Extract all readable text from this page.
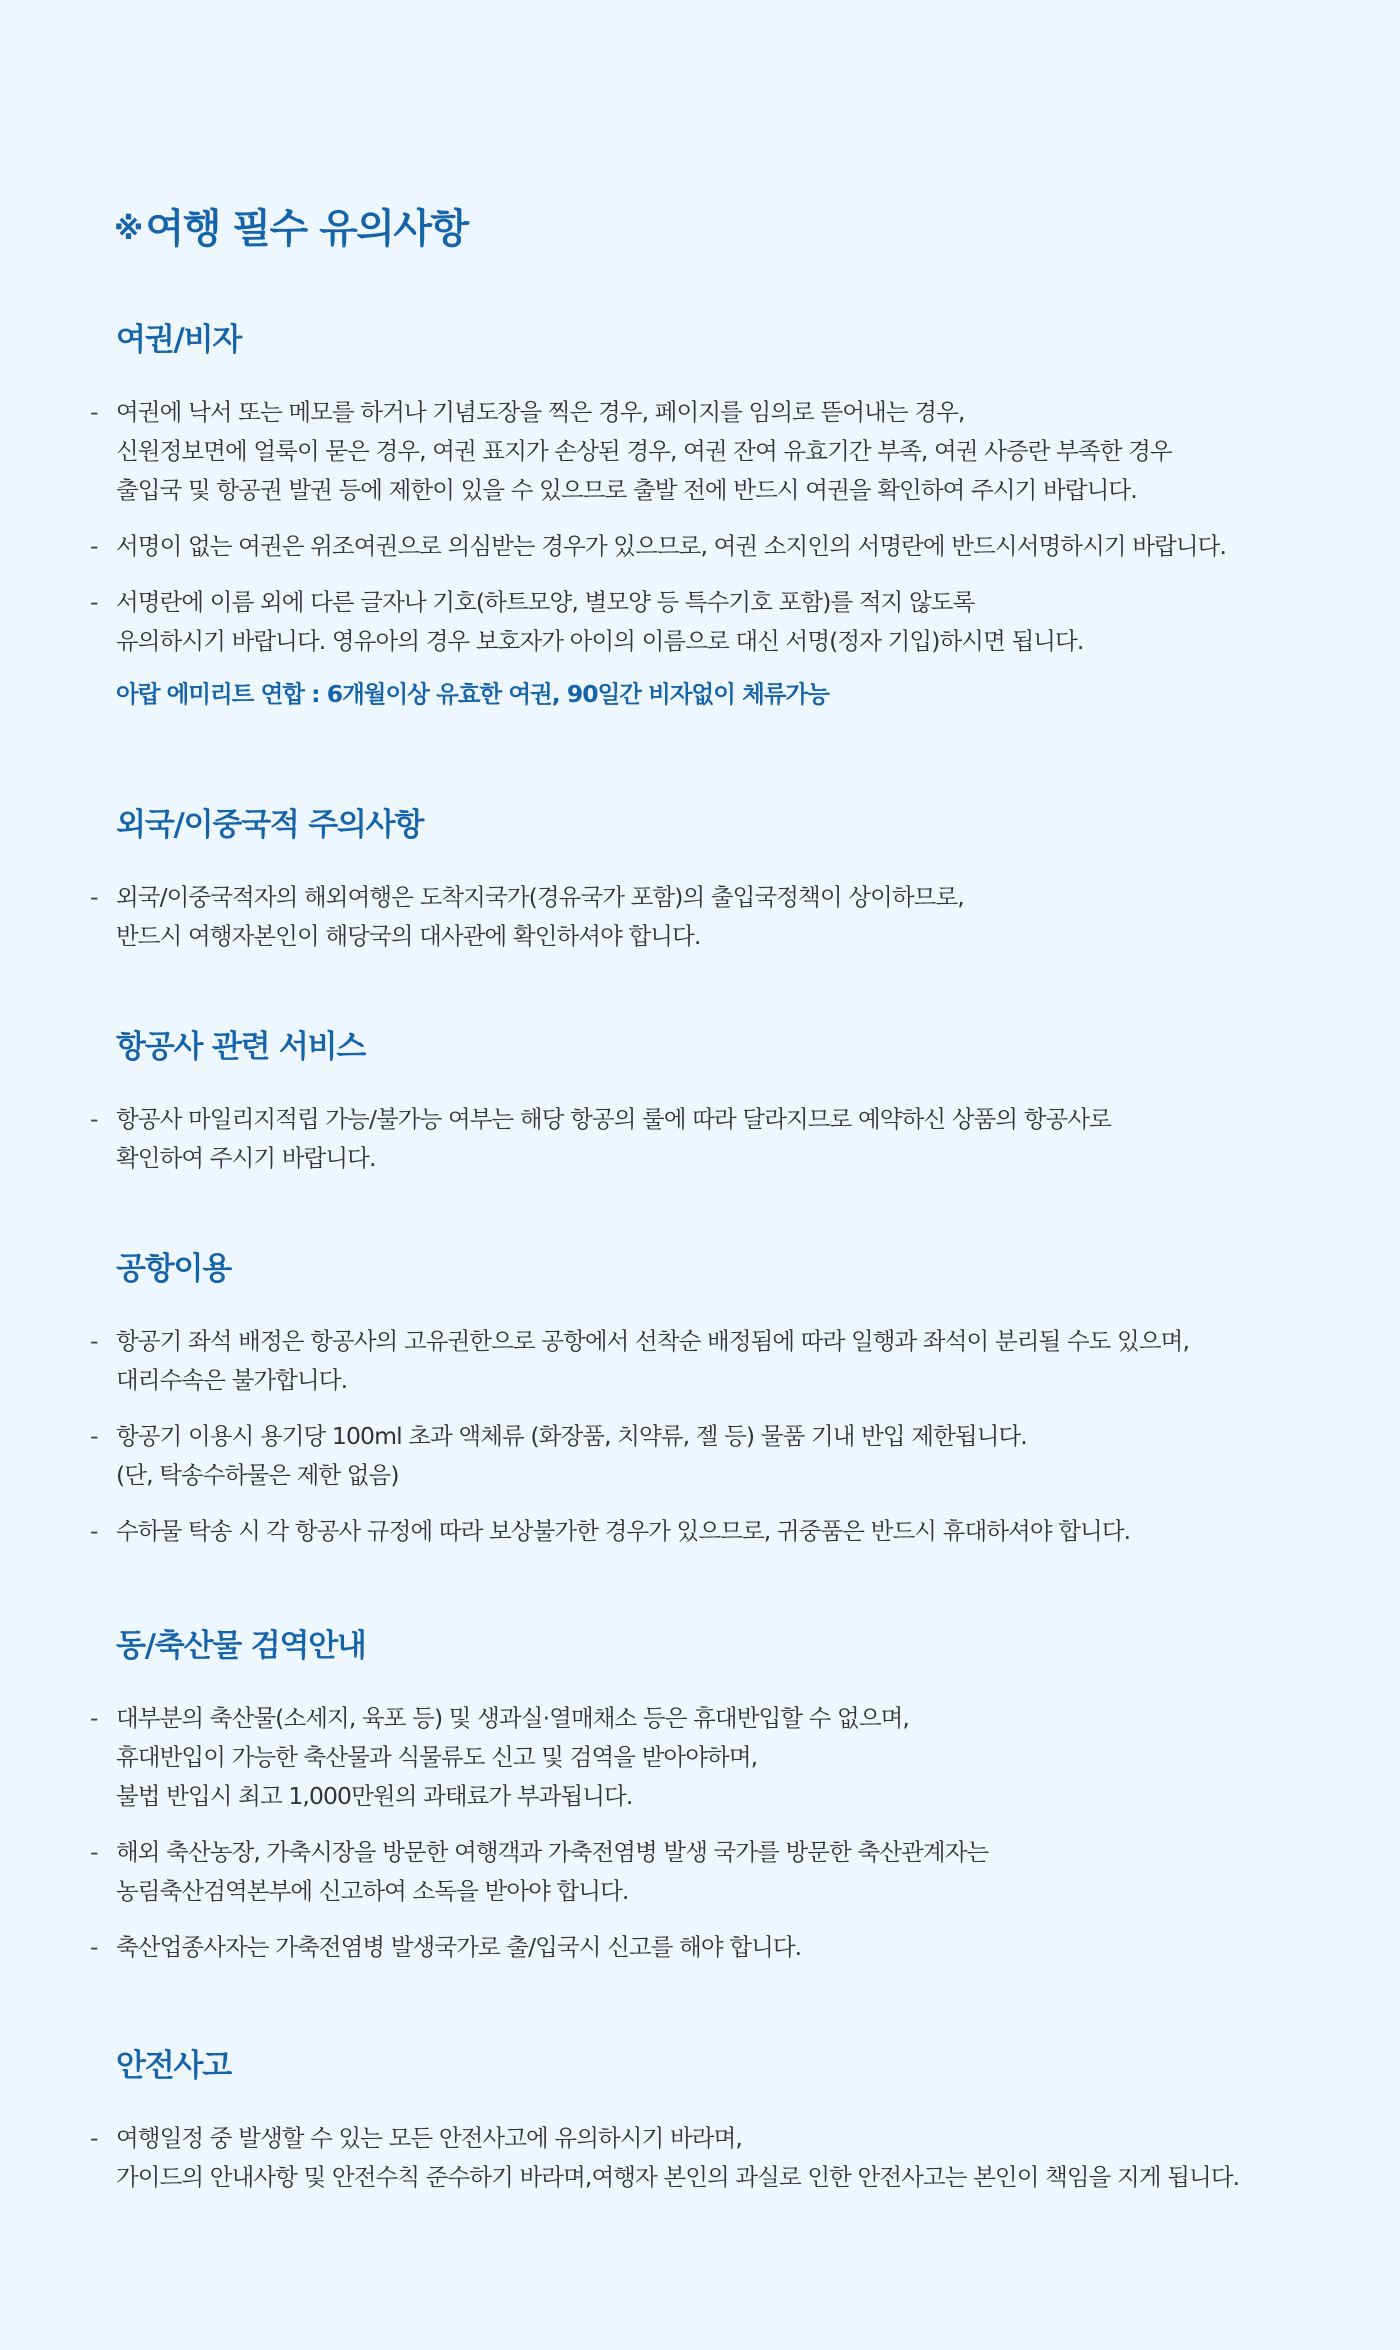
※ 여행 필수 유의사항
여권/비자
- 여권에 낙서 또는 메모를 하거나 기념도장을 찍은 경우, 페이지를 임의로 뜯어내는 경우,
신원정보면에 얼룩이 묻은 경우, 여권 표지가 손상된 경우, 여권 잔여 유효기간 부족, 여권 사증란 부족한 경우
출입국 및 항공권 발권 등에 제한이 있을 수 있으므로 출발 전에 반드시 여권을 확인하여 주시기 바랍니다.
- 서명이 없는 여권은 위조여권으로 의심받는 경우가 있으므로, 여권 소지인의 서명란에 반드시서명하시기 바랍니다.
- 서명란에 이름 외에 다른 글자나 기호(하트모양, 별모양 등 특수기호 포함)를 적지 않도록
유의하시기 바랍니다. 영유아의 경우 보호자가 아이의 이름으로 대신 서명(정자 기입)하시면 됩니다.
아랍 에미리트 연합 : 6개월이상 유효한 여권, 90일간 비자없이 체류가능
외국/이중국적 주의사항
- 외국/이중국적자의 해외여행은 도착지국가(경유국가 포함)의 출입국정책이 상이하므로,
반드시 여행자본인이 해당국의 대사관에 확인하셔야 합니다.
항공사 관련 서비스
- 항공사 마일리지적립 가능/불가능 여부는 해당 항공의 룰에 따라 달라지므로 예약하신 상품의 항공사로
확인하여 주시기 바랍니다.
공항이용
- 항공기 좌석 배정은 항공사의 고유권한으로 공항에서 선착순 배정됨에 따라 일행과 좌석이 분리될 수도 있으며,
대리수속은 불가합니다.
- 항공기 이용시 용기당 100ml 초과 액체류 (화장품, 치약류, 젤 등) 물품 기내 반입 제한됩니다.
(단, 탁송수하물은 제한 없음)
- 수하물 탁송 시 각 항공사 규정에 따라 보상불가한 경우가 있으므로, 귀중품은 반드시 휴대하셔야 합니다.
동/축산물 검역안내
- 대부분의 축산물(소세지, 육포 등) 및 생과실·열매채소 등은 휴대반입할 수 없으며,
휴대반입이 가능한 축산물과 식물류도 신고 및 검역을 받아야하며,
불법 반입시 최고 1,000만원의 과태료가 부과됩니다.
- 해외 축산농장, 가축시장을 방문한 여행객과 가축전염병 발생 국가를 방문한 축산관계자는
농림축산검역본부에 신고하여 소독을 받아야 합니다.
- 축산업종사자는 가축전염병 발생국가로 출/입국시 신고를 해야 합니다.
안전사고
- 여행일정 중 발생할 수 있는 모든 안전사고에 유의하시기 바라며,
가이드의 안내사항 및 안전수칙 준수하기 바라며,여행자 본인의 과실로 인한 안전사고는 본인이 책임을 지게 됩니다.
